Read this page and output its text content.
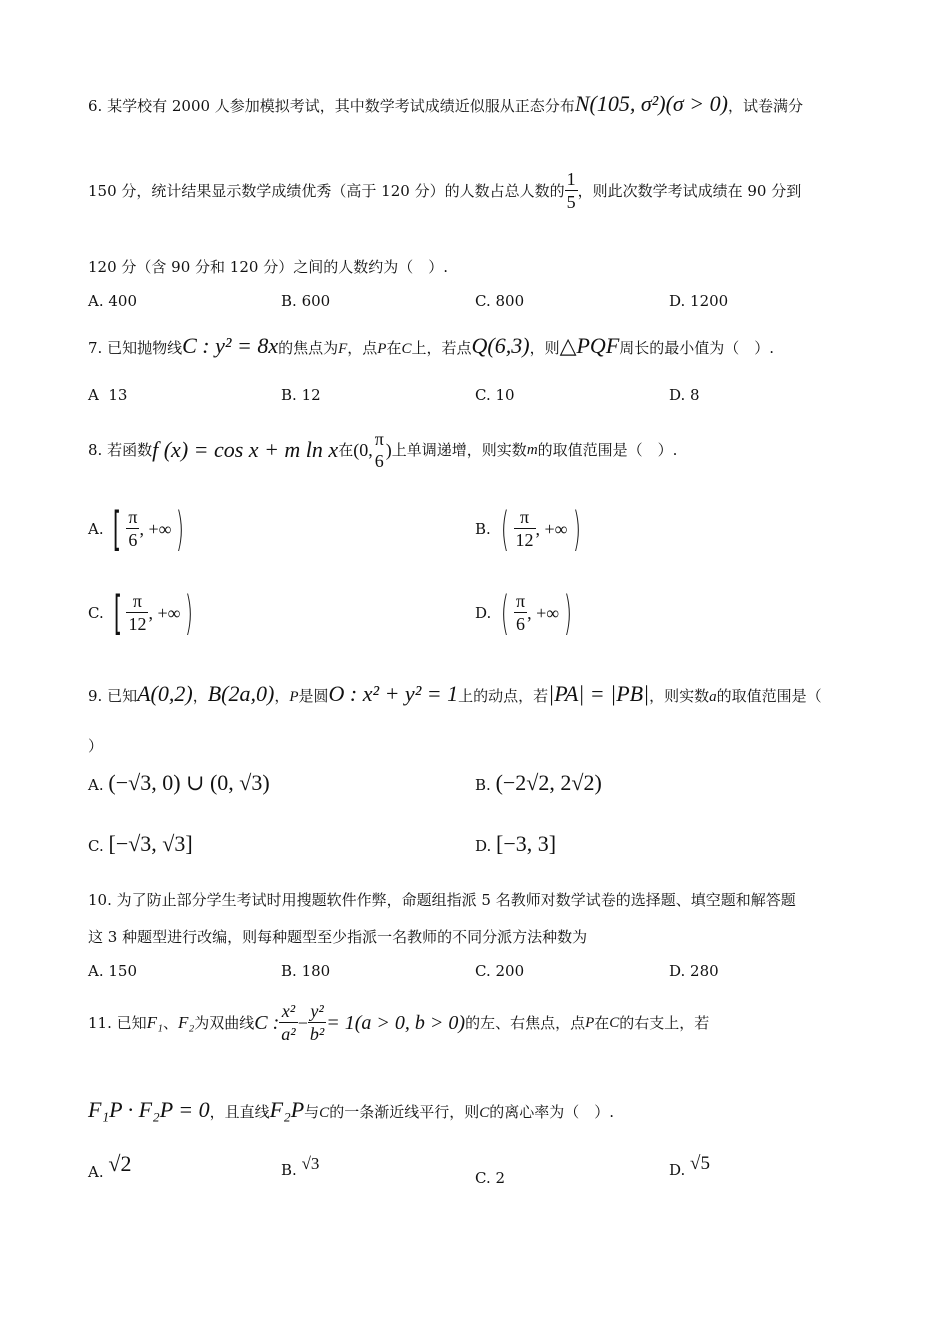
6. 某学校有 2000 人参加模拟考试，其中数学考试成绩近似服从正态分布N(105, σ²)(σ > 0)，试卷满分
150 分，统计结果显示数学成绩优秀（高于 120 分）的人数占总人数的 $\frac{1}{5}$ ，则此次数学考试成绩在 90 分到
120 分（含 90 分和 120 分）之间的人数约为（　）.
A. 400	B. 600	C. 800	D. 1200
7. 已知抛物线C : y² = 8x的焦点为F，点P在C上，若点Q(6,3)，则△PQF周长的最小值为（　）.
A 13	B. 12	C. 10	D. 8
8. 若函数f (x) = cos x + m ln x在(0,
π
6
)上单调递增，则实数m的取值范围是（　）.
A. [ $\frac{\pi}{6}$ , +∞ )	B. ( $\frac{\pi}{12}$ , +∞ )
C. [ $\frac{\pi}{12}$ , +∞ )	D. ( $\frac{\pi}{6}$ , +∞ )
9. 已知A(0,2)，B(2a,0)，P是圆O : x² + y² = 1上的动点，若|PA| = |PB|，则实数a的取值范围是（
）
A. (−√3, 0) ∪ (0, √3)	B. (−2√2, 2√2)
C. [−√3, √3]	D. [−3, 3]
10. 为了防止部分学生考试时用搜题软件作弊，命题组指派 5 名教师对数学试卷的选择题、填空题和解答题
这 3 种题型进行改编，则每种题型至少指派一名教师的不同分派方法种数为
A. 150	B. 180	C. 200	D. 280
11. 已知F₁、F₂为双曲线C : $\frac{\text{x²}}{\text{a²}} - \frac{\text{y²}}{\text{b²}} = 1(a > 0$, b > 0)的左、右焦点，点P在C的右支上，若
F₁P · F₂P = 0，且直线F₂P与C的一条渐近线平行，则C的离心率为（　）.
A. √2	B. √3
C. 2	D. √5
